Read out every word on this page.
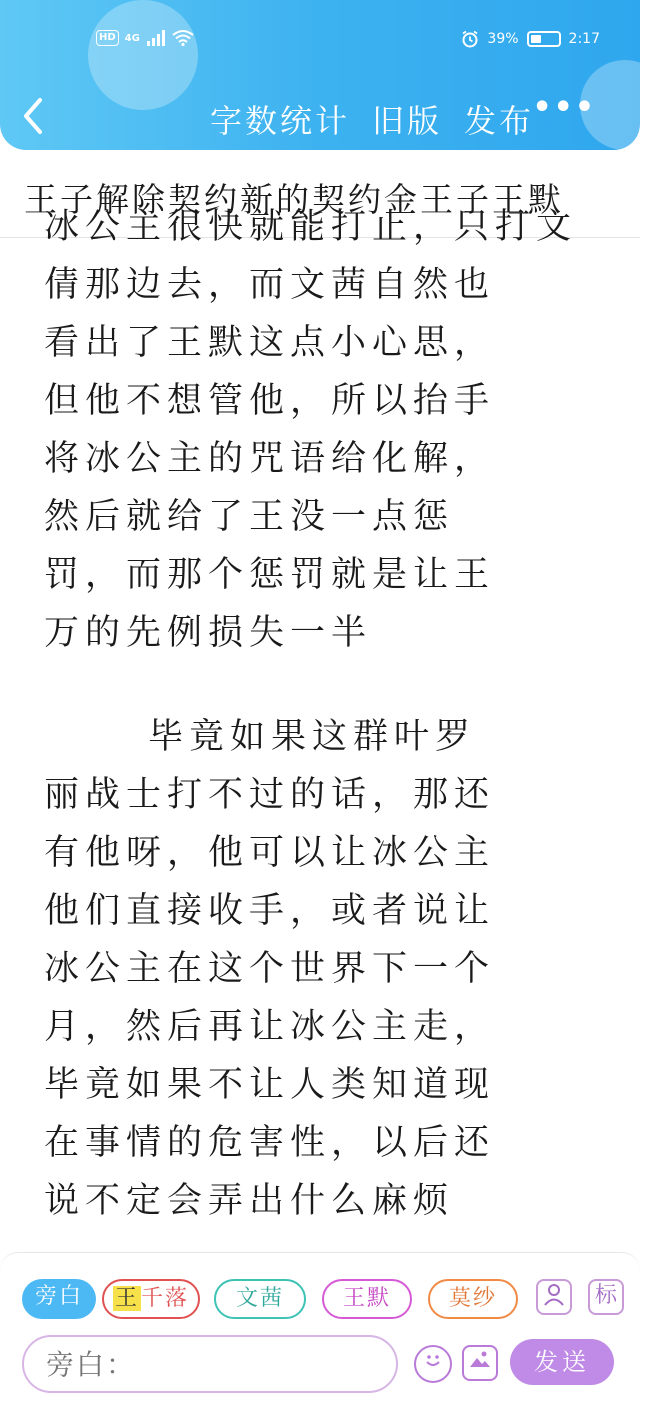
HD 4G	39%	2:17
字数统计 旧版 发布
•••
王子解除契约新的契约金王子王默
冰公主很快就能打止，只打文
倩那边去，而文茜自然也
看出了王默这点小心思，
但他不想管他，所以抬手
将冰公主的咒语给化解，
然后就给了王没一点惩
罚，而那个惩罚就是让王
万的先例损失一半
毕竟如果这群叶罗
丽战士打不过的话，那还
有他呀，他可以让冰公主
他们直接收手，或者说让
冰公主在这个世界下一个
月，然后再让冰公主走，
毕竟如果不让人类知道现
在事情的危害性，以后还
说不定会弄出什么麻烦
旁白	王千落	文茜	王默	莫纱	标
旁白：
发送
